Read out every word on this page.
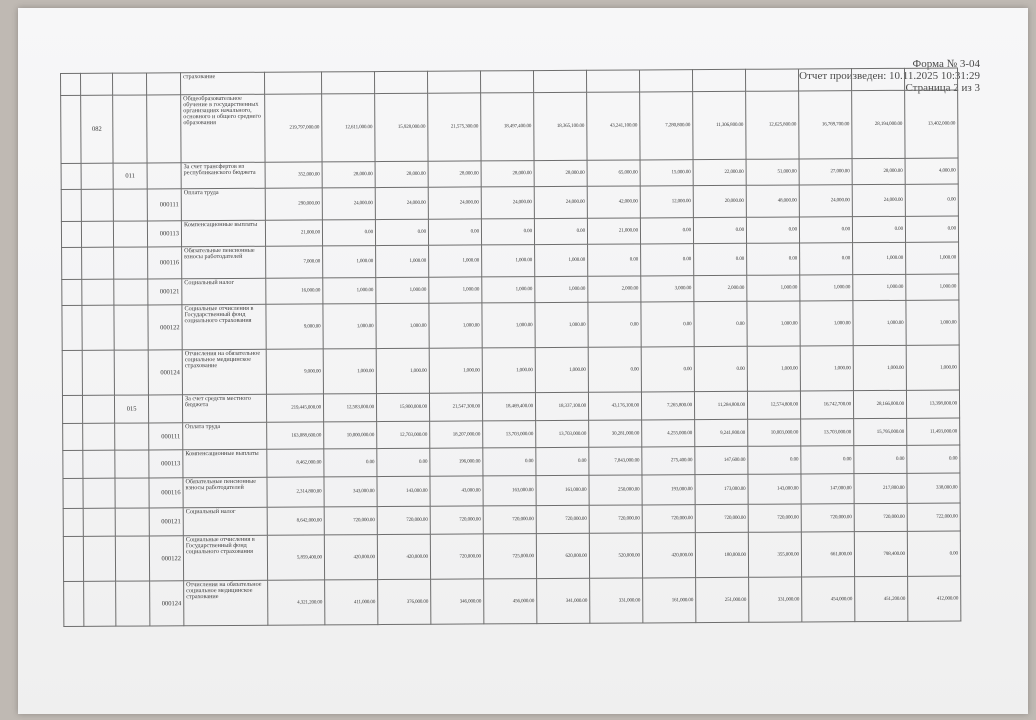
Форма № 3-04
Отчет произведен: 10.11.2025 10:31:29
Страница 2 из 3
				страхование													
	082			Общеобразовательное обучение в государственных организациях начального, основного и общего среднего образования	219,797,000.00	12,611,000.00	15,928,000.00	21,575,300.00	18,497,400.00	18,365,100.00	43,241,100.00	7,280,800.00	11,306,800.00	12,625,800.00	16,769,700.00	28,194,000.00	13,402,000.00
		011		За счет трансфертов из республиканского бюджета	352,000.00	28,000.00	28,000.00	28,000.00	28,000.00	28,000.00	65,000.00	15,000.00	22,000.00	51,000.00	27,000.00	28,000.00	4,000.00
			000111	Оплата труда	290,000.00	24,000.00	24,000.00	24,000.00	24,000.00	24,000.00	42,000.00	12,000.00	20,000.00	48,000.00	24,000.00	24,000.00	0.00
			000113	Компенсационные выплаты	21,000.00	0.00	0.00	0.00	0.00	0.00	21,000.00	0.00	0.00	0.00	0.00	0.00	0.00
			000116	Обязательные пенсионные взносы работодателей	7,000.00	1,000.00	1,000.00	1,000.00	1,000.00	1,000.00	0.00	0.00	0.00	0.00	0.00	1,000.00	1,000.00
			000121	Социальный налог	16,000.00	1,000.00	1,000.00	1,000.00	1,000.00	1,000.00	2,000.00	3,000.00	2,000.00	1,000.00	1,000.00	1,000.00	1,000.00
			000122	Социальные отчисления в Государственный фонд социального страхования	9,000.00	1,000.00	1,000.00	1,000.00	1,000.00	1,000.00	0.00	0.00	0.00	1,000.00	1,000.00	1,000.00	1,000.00
			000124	Отчисления на обязательное социальное медицинское страхование	9,000.00	1,000.00	1,000.00	1,000.00	1,000.00	1,000.00	0.00	0.00	0.00	1,000.00	1,000.00	1,000.00	1,000.00
		015		За счет средств местного бюджета	219,445,000.00	12,583,000.00	15,900,000.00	21,547,300.00	18,469,400.00	18,337,100.00	43,176,100.00	7,265,800.00	11,284,800.00	12,574,800.00	16,742,700.00	28,166,000.00	13,398,000.00
			000111	Оплата труда	163,088,600.00	10,000,000.00	12,703,000.00	18,207,000.00	13,703,000.00	13,703,000.00	30,281,000.00	4,255,000.00	9,241,800.00	10,003,000.00	13,703,000.00	15,795,000.00	11,493,000.00
			000113	Компенсационные выплаты	8,462,000.00	0.00	0.00	196,000.00	0.00	0.00	7,843,000.00	275,400.00	147,600.00	0.00	0.00	0.00	0.00
			000116	Обязательные пенсионные взносы работодателей	2,314,800.00	343,000.00	143,000.00	43,000.00	163,000.00	161,000.00	250,000.00	193,000.00	173,000.00	143,000.00	147,000.00	217,800.00	338,000.00
			000121	Социальный налог	8,642,000.00	720,000.00	720,000.00	720,000.00	720,000.00	720,000.00	720,000.00	720,000.00	720,000.00	720,000.00	720,000.00	720,000.00	722,000.00
			000122	Социальные отчисления в Государственный фонд социального страхования	5,859,400.00	420,000.00	420,000.00	720,000.00	725,000.00	620,000.00	520,000.00	420,000.00	180,000.00	355,000.00	661,000.00	798,400.00	0.00
			000124	Отчисления на обязательное социальное медицинское страхование	4,321,200.00	411,000.00	376,000.00	346,000.00	456,000.00	341,000.00	331,000.00	161,000.00	251,000.00	331,000.00	454,000.00	451,200.00	412,000.00
